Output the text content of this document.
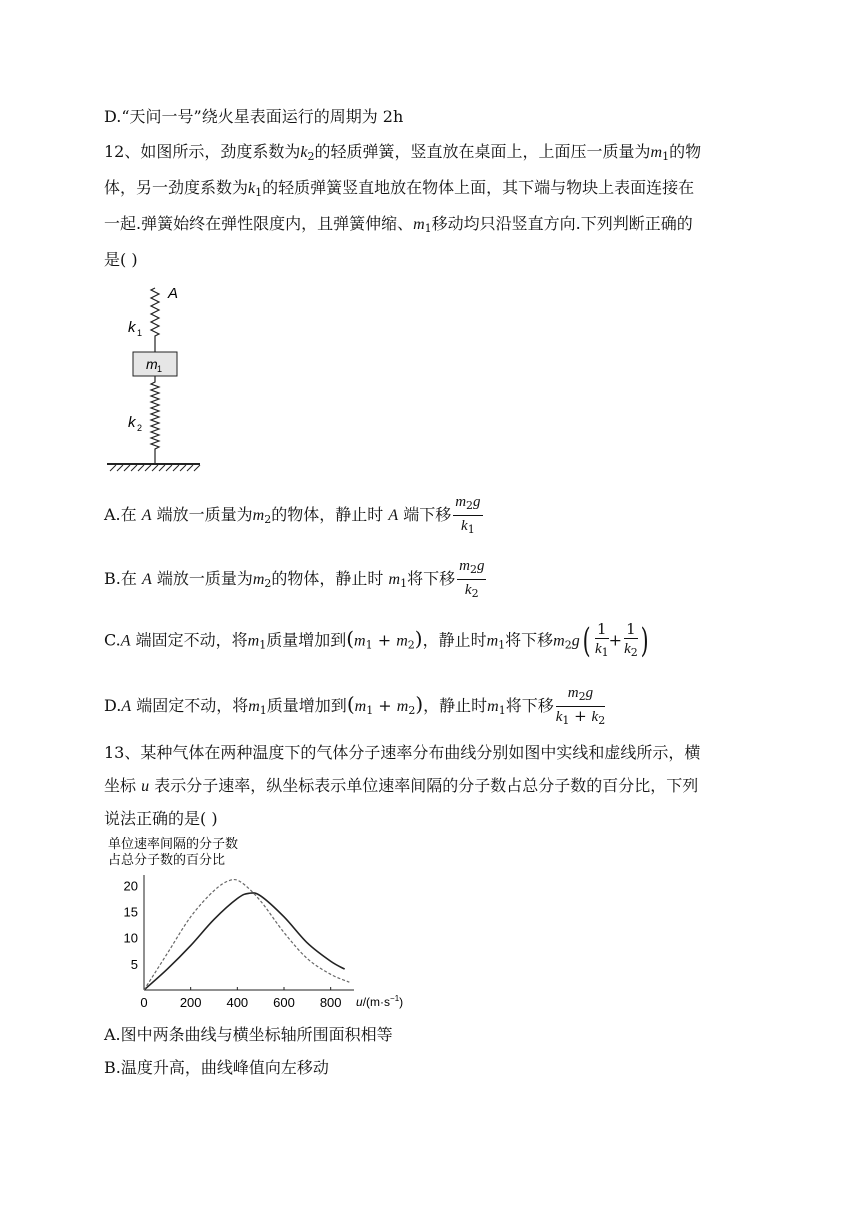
D.“天问一号”绕火星表面运行的周期为 2h
12、如图所示，劲度系数为$k_2$的轻质弹簧，竖直放在桌面上，上面压一质量为$m_1$的物
体，另一劲度系数为$k_1$的轻质弹簧竖直地放在物体上面，其下端与物块上表面连接在
一起.弹簧始终在弹性限度内，且弹簧伸缩、$m_1$移动均只沿竖直方向.下列判断正确的
是( )
A
k 1
m 1
k 2
A.在 A 端放一质量为$m_2$的物体，静止时 A 端下移 $\frac{m_2g}{k_1}$
B.在 A 端放一质量为$m_2$的物体，静止时 $m_1$将下移 $\frac{m_2g}{k_2}$
C.A 端固定不动，将$m_1$质量增加到$(m_1 + m_2)$，静止时$m_1$将下移$m_2g( \frac{1}{k_1} + \frac{1}{k_2}$ )
D.A 端固定不动，将$m_1$质量增加到$(m_1 + m_2)$，静止时$m_1$将下移 $\frac{m_2g}{k_1 + k_2}$
13、某种气体在两种温度下的气体分子速率分布曲线分别如图中实线和虚线所示，横
坐标 u 表示分子速率，纵坐标表示单位速率间隔的分子数占总分子数的百分比，下列
说法正确的是( )
单位速率间隔的分子数
占总分子数的百分比
0 200 400 600 800
5
10
15
20
$u/(m\cdot s^{-1})$
A.图中两条曲线与横坐标轴所围面积相等
B.温度升高，曲线峰值向左移动
